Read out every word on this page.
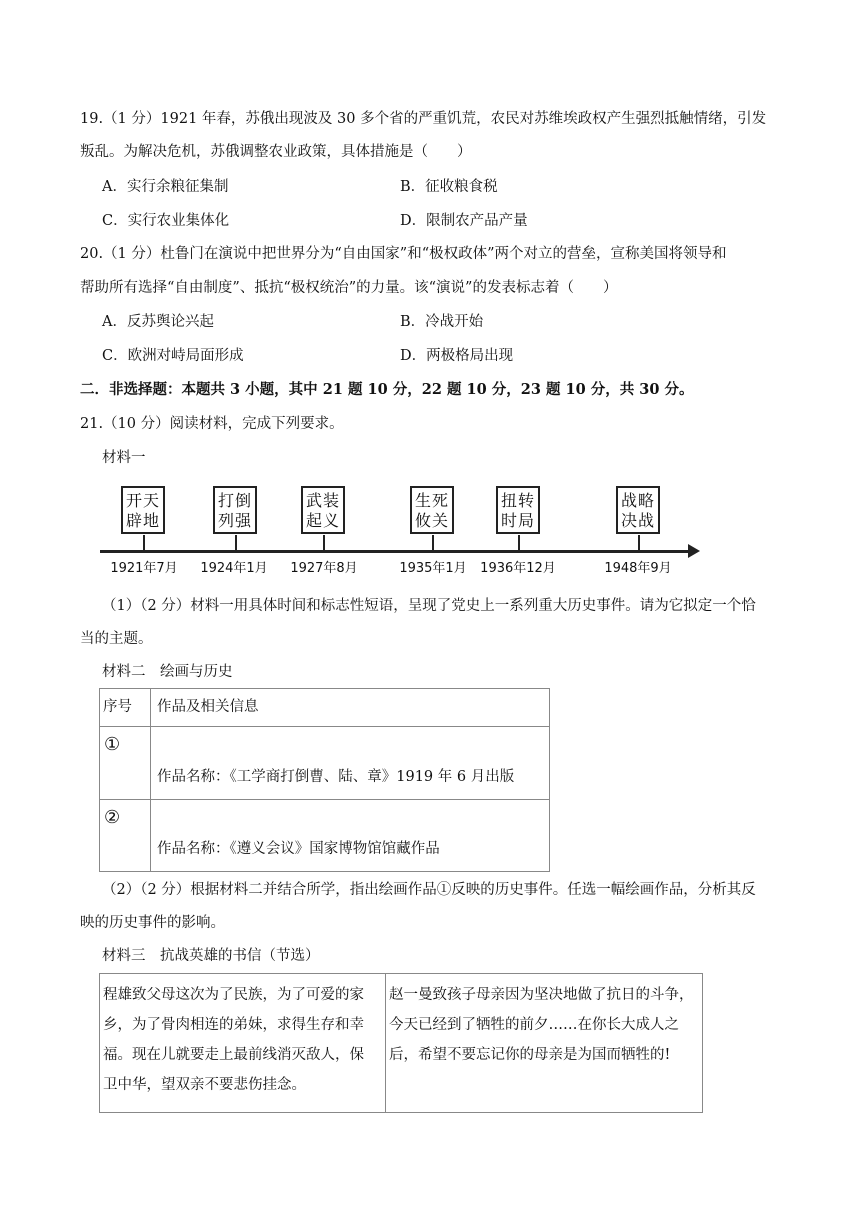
19.（1 分）1921 年春，苏俄出现波及 30 多个省的严重饥荒，农民对苏维埃政权产生强烈抵触情绪，引发
叛乱。为解决危机，苏俄调整农业政策，具体措施是（　　）
A．实行余粮征集制	B．征收粮食税
C．实行农业集体化	D．限制农产品产量
20.（1 分）杜鲁门在演说中把世界分为“自由国家”和“极权政体”两个对立的营垒，宣称美国将领导和
帮助所有选择“自由制度”、抵抗“极权统治”的力量。该“演说”的发表标志着（　　）
A．反苏舆论兴起	B．冷战开始
C．欧洲对峙局面形成	D．两极格局出现
二．非选择题：本题共 3 小题，其中 21 题 10 分，22 题 10 分，23 题 10 分，共 30 分。
21.（10 分）阅读材料，完成下列要求。
材料一
开天
辟地
1921年7月
打倒
列强
1924年1月
武装
起义
1927年8月
生死
攸关
1935年1月
扭转
时局
1936年12月
战略
决战
1948年9月
（1）（2 分）材料一用具体时间和标志性短语，呈现了党史上一系列重大历史事件。请为它拟定一个恰
当的主题。
材料二　绘画与历史
序号	作品及相关信息
①	作品名称：《工学商打倒曹、陆、章》1919 年 6 月出版
②	作品名称：《遵义会议》国家博物馆馆藏作品
（2）（2 分）根据材料二并结合所学，指出绘画作品①反映的历史事件。任选一幅绘画作品，分析其反
映的历史事件的影响。
材料三　抗战英雄的书信（节选）
程雄致父母这次为了民族，为了可爱的家
乡，为了骨肉相连的弟妹，求得生存和幸
福。现在儿就要走上最前线消灭敌人，保
卫中华，望双亲不要悲伤挂念。

赵一曼致孩子母亲因为坚决地做了抗日的斗争，
今天已经到了牺牲的前夕……在你长大成人之
后，希望不要忘记你的母亲是为国而牺牲的!
